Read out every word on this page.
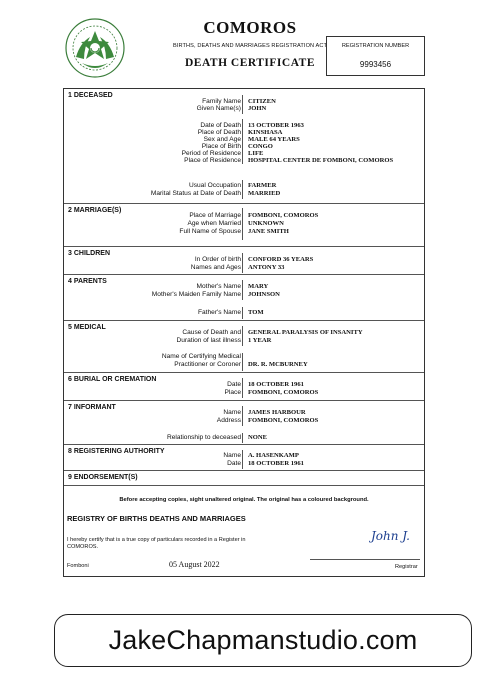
COMOROS
BIRTHS, DEATHS AND MARRIAGES REGISTRATION ACT
DEATH CERTIFICATE
REGISTRATION NUMBER
9993456
1 DECEASED
Family Name CITIZEN
Given Name(s) JOHN
Date of Death 13 OCTOBER 1963
Place of Death KINSHASA
Sex and Age MALE 64 YEARS
Place of Birth CONGO
Period of Residence LIFE
Place of Residence HOSPITAL CENTER DE FOMBONI, COMOROS
Usual Occupation FARMER
Marital Status at Date of Death MARRIED
2 MARRIAGE(S)
Place of Marriage FOMBONI, COMOROS
Age when Married UNKNOWN
Full Name of Spouse JANE SMITH
3 CHILDREN
In Order of birth CONFORD 36 YEARS
Names and Ages ANTONY 33
4 PARENTS
Mother's Name MARY
Mother's Maiden Family Name JOHNSON
Father's Name TOM
5 MEDICAL
Cause of Death and GENERAL PARALYSIS OF INSANITY
Duration of last illness 1 YEAR
Name of Certifying Medical
Practitioner or Coroner DR. R. MCBURNEY
6 BURIAL OR CREMATION
Date 18 OCTOBER 1961
Place FOMBONI, COMOROS
7 INFORMANT
Name JAMES HARBOUR
Address FOMBONI, COMOROS
Relationship to deceased NONE
8 REGISTERING AUTHORITY
Name A. HASENKAMP
Date 18 OCTOBER 1961
9 ENDORSEMENT(S)
Before accepting copies, sight unaltered original. The original has a coloured background.
REGISTRY OF BIRTHS DEATHS AND MARRIAGES
I hereby certify that is a true copy of particulars recorded in a Register in
COMOROS.
John J.
Fomboni	05 August 2022	Registrar
JakeChapmanstudio.com
